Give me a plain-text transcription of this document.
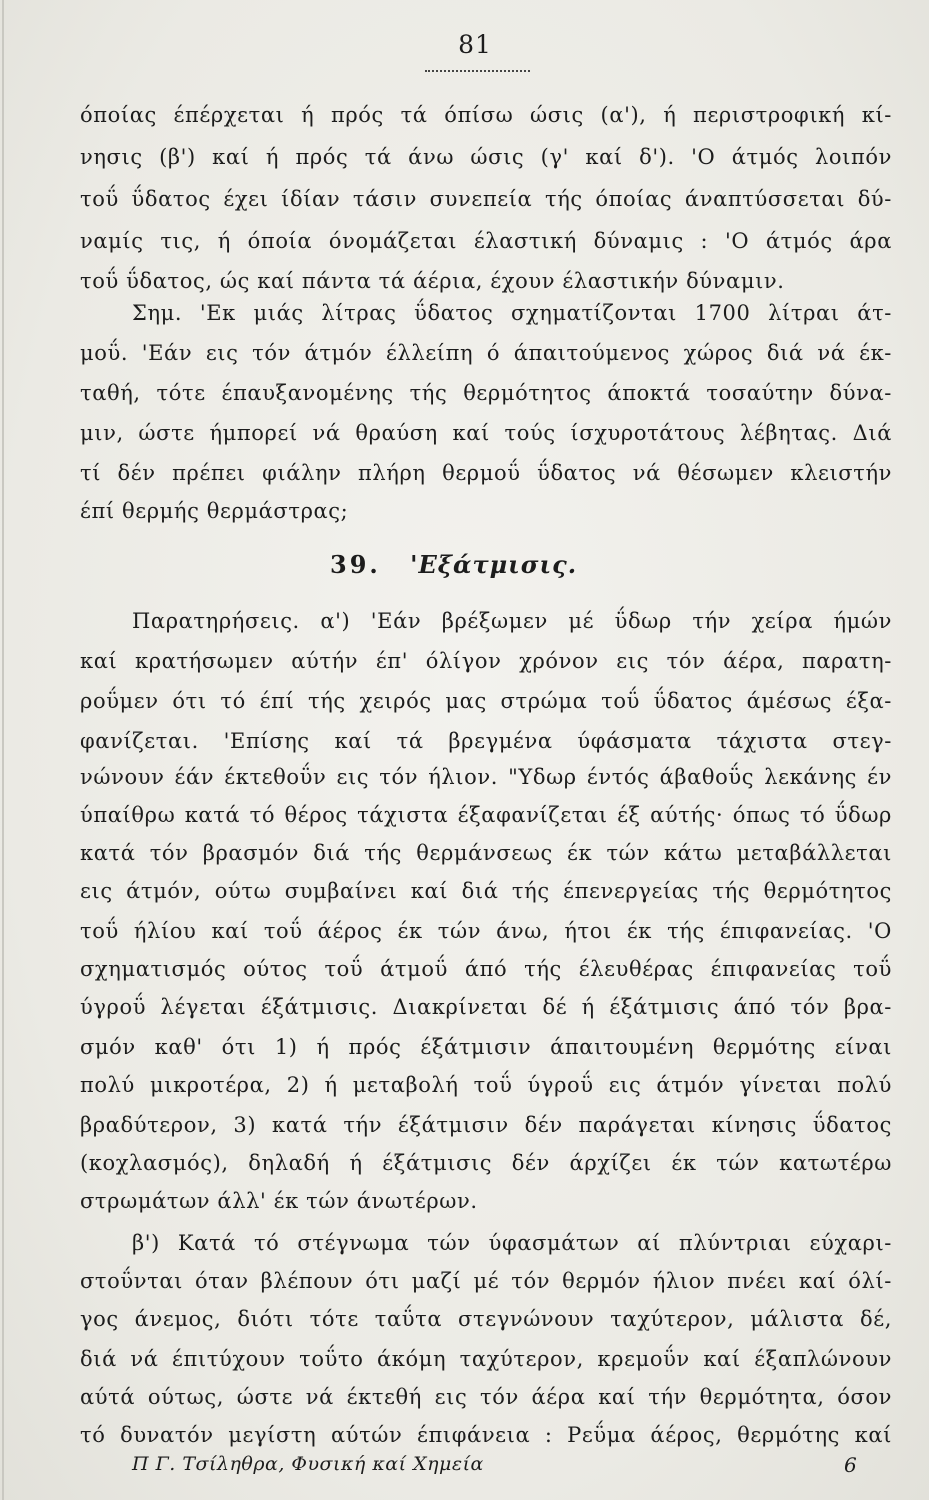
81
όποίας έπέρχεται ή πρός τά όπίσω ώσις (α'), ή περιστροφική κί-
νησις (β') καί ή πρός τά άνω ώσις (γ' καί δ'). 'Ο άτμός λοιπόν
τοΰ ΰδατος έχει ίδίαν τάσιν συνεπεία τής όποίας άναπτύσσεται δύ-
ναμίς τις, ή όποία όνομάζεται έλαστική δύναμις : 'Ο άτμός άρα
τοΰ ΰδατος, ώς καί πάντα τά άέρια, έχουν έλαστικήν δύναμιν.
Σημ. 'Εκ μιάς λίτρας ΰδατος σχηματίζονται 1700 λίτραι άτ-
μοΰ. 'Εάν εις τόν άτμόν έλλείπη ό άπαιτούμενος χώρος διά νά έκ-
ταθή, τότε έπαυξανομένης τής θερμότητος άποκτά τοσαύτην δύνα-
μιν, ώστε ήμπορεί νά θραύση καί τούς ίσχυροτάτους λέβητας. Διά
τί δέν πρέπει φιάλην πλήρη θερμοΰ ΰδατος νά θέσωμεν κλειστήν
έπί θερμής θερμάστρας;
39. 'Εξάτμισις.
Παρατηρήσεις. α') 'Εάν βρέξωμεν μέ ΰδωρ τήν χείρα ήμών
καί κρατήσωμεν αύτήν έπ' όλίγον χρόνον εις τόν άέρα, παρατη-
ροΰμεν ότι τό έπί τής χειρός μας στρώμα τοΰ ΰδατος άμέσως έξα-
φανίζεται. 'Επίσης καί τά βρεγμένα ύφάσματα τάχιστα στεγ-
νώνουν έάν έκτεθοΰν εις τόν ήλιον. "Υδωρ έντός άβαθοΰς λεκάνης έν
ύπαίθρω κατά τό θέρος τάχιστα έξαφανίζεται έξ αύτής· όπως τό ΰδωρ
κατά τόν βρασμόν διά τής θερμάνσεως έκ τών κάτω μεταβάλλεται
εις άτμόν, ούτω συμβαίνει καί διά τής έπενεργείας τής θερμότητος
τοΰ ήλίου καί τοΰ άέρος έκ τών άνω, ήτοι έκ τής έπιφανείας. 'Ο
σχηματισμός ούτος τοΰ άτμοΰ άπό τής έλευθέρας έπιφανείας τοΰ
ύγροΰ λέγεται έξάτμισις. Διακρίνεται δέ ή έξάτμισις άπό τόν βρα-
σμόν καθ' ότι 1) ή πρός έξάτμισιν άπαιτουμένη θερμότης είναι
πολύ μικροτέρα, 2) ή μεταβολή τοΰ ύγροΰ εις άτμόν γίνεται πολύ
βραδύτερον, 3) κατά τήν έξάτμισιν δέν παράγεται κίνησις ΰδατος
(κοχλασμός), δηλαδή ή έξάτμισις δέν άρχίζει έκ τών κατωτέρω
στρωμάτων άλλ' έκ τών άνωτέρων.
β') Κατά τό στέγνωμα τών ύφασμάτων αί πλύντριαι εύχαρι-
στοΰνται όταν βλέπουν ότι μαζί μέ τόν θερμόν ήλιον πνέει καί όλί-
γος άνεμος, διότι τότε ταΰτα στεγνώνουν ταχύτερον, μάλιστα δέ,
διά νά έπιτύχουν τοΰτο άκόμη ταχύτερον, κρεμοΰν καί έξαπλώνουν
αύτά ούτως, ώστε νά έκτεθή εις τόν άέρα καί τήν θερμότητα, όσον
τό δυνατόν μεγίστη αύτών έπιφάνεια : Ρεΰμα άέρος, θερμότης καί
Π Γ. Τσίληθρα, Φυσική καί Χημεία	6
